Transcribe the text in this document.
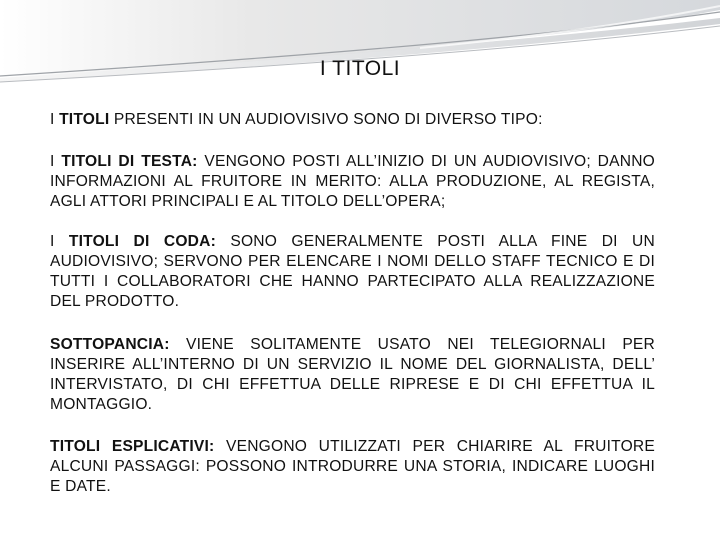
I TITOLI

I TITOLI PRESENTI IN UN AUDIOVISIVO SONO DI DIVERSO TIPO:

I TITOLI DI TESTA: VENGONO POSTI ALL’INIZIO DI UN AUDIOVISIVO; DANNO INFORMAZIONI AL FRUITORE IN MERITO: ALLA PRODUZIONE, AL REGISTA, AGLI ATTORI PRINCIPALI E AL TITOLO DELL’OPERA;

I TITOLI DI CODA: SONO GENERALMENTE POSTI ALLA FINE DI UN AUDIOVISIVO; SERVONO PER ELENCARE I NOMI DELLO STAFF TECNICO E DI TUTTI I COLLABORATORI CHE HANNO PARTECIPATO ALLA REALIZZAZIONE DEL PRODOTTO.

SOTTOPANCIA: VIENE SOLITAMENTE USATO NEI TELEGIORNALI PER INSERIRE ALL’INTERNO DI UN SERVIZIO IL NOME DEL GIORNALISTA, DELL’ INTERVISTATO, DI CHI EFFETTUA DELLE RIPRESE E DI CHI EFFETTUA IL MONTAGGIO.

TITOLI ESPLICATIVI: VENGONO UTILIZZATI PER CHIARIRE AL FRUITORE ALCUNI PASSAGGI: POSSONO INTRODURRE UNA STORIA, INDICARE LUOGHI E DATE.
